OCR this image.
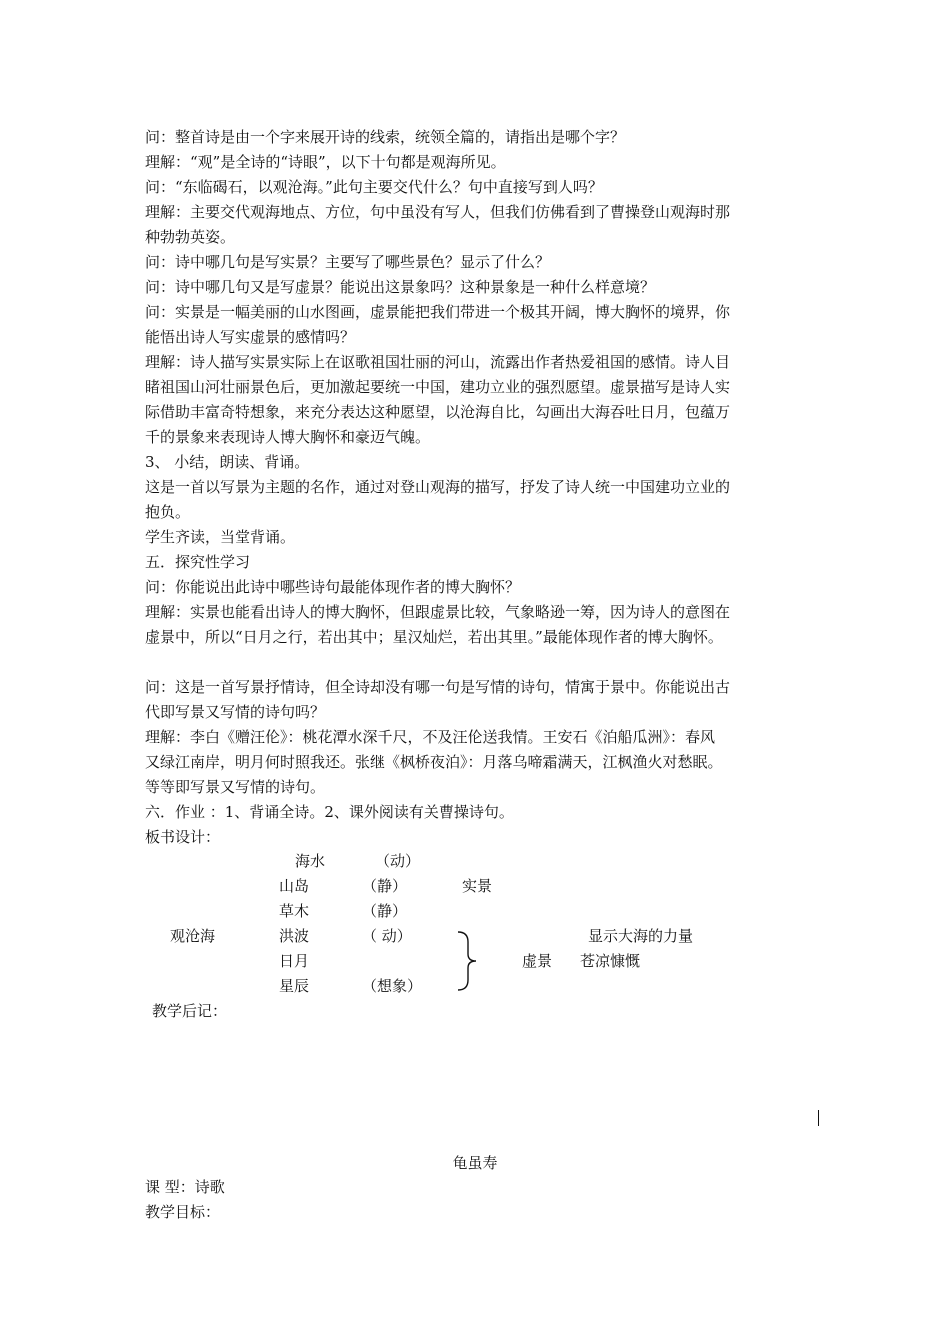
问：整首诗是由一个字来展开诗的线索，统领全篇的，请指出是哪个字？
理解：“观”是全诗的“诗眼”，以下十句都是观海所见。
问：“东临碣石，以观沧海。”此句主要交代什么？句中直接写到人吗？
理解：主要交代观海地点、方位，句中虽没有写人，但我们仿佛看到了曹操登山观海时那
种勃勃英姿。
问：诗中哪几句是写实景？主要写了哪些景色？显示了什么？
问：诗中哪几句又是写虚景？能说出这景象吗？这种景象是一种什么样意境？
问：实景是一幅美丽的山水图画，虚景能把我们带进一个极其开阔，博大胸怀的境界，你
能悟出诗人写实虚景的感情吗？
理解：诗人描写实景实际上在讴歌祖国壮丽的河山，流露出作者热爱祖国的感情。诗人目
睹祖国山河壮丽景色后，更加激起要统一中国，建功立业的强烈愿望。虚景描写是诗人实
际借助丰富奇特想象，来充分表达这种愿望，以沧海自比，勾画出大海吞吐日月，包蕴万
千的景象来表现诗人博大胸怀和豪迈气魄。
3、 小结，朗读、背诵。
这是一首以写景为主题的名作，通过对登山观海的描写，抒发了诗人统一中国建功立业的
抱负。
学生齐读，当堂背诵。
五．探究性学习
问：你能说出此诗中哪些诗句最能体现作者的博大胸怀？
理解：实景也能看出诗人的博大胸怀，但跟虚景比较，气象略逊一筹，因为诗人的意图在
虚景中，所以“日月之行，若出其中；星汉灿烂，若出其里。”最能体现作者的博大胸怀。
问：这是一首写景抒情诗，但全诗却没有哪一句是写情的诗句，情寓于景中。你能说出古
代即写景又写情的诗句吗？
理解：李白《赠汪伦》：桃花潭水深千尺，不及汪伦送我情。王安石《泊船瓜洲》：春风
又绿江南岸，明月何时照我还。张继《枫桥夜泊》：月落乌啼霜满天，江枫渔火对愁眠。
等等即写景又写情的诗句。
六．作业 ：1、背诵全诗。2、课外阅读有关曹操诗句。
板书设计：
海水
山岛
草木
洪波
日月
星辰
（动）
（静）
（静）
（ 动）
（想象）
观沧海
实景
显示大海的力量
虚景 苍凉慷慨
教学后记：
龟虽寿
课 型：诗歌
教学目标：
